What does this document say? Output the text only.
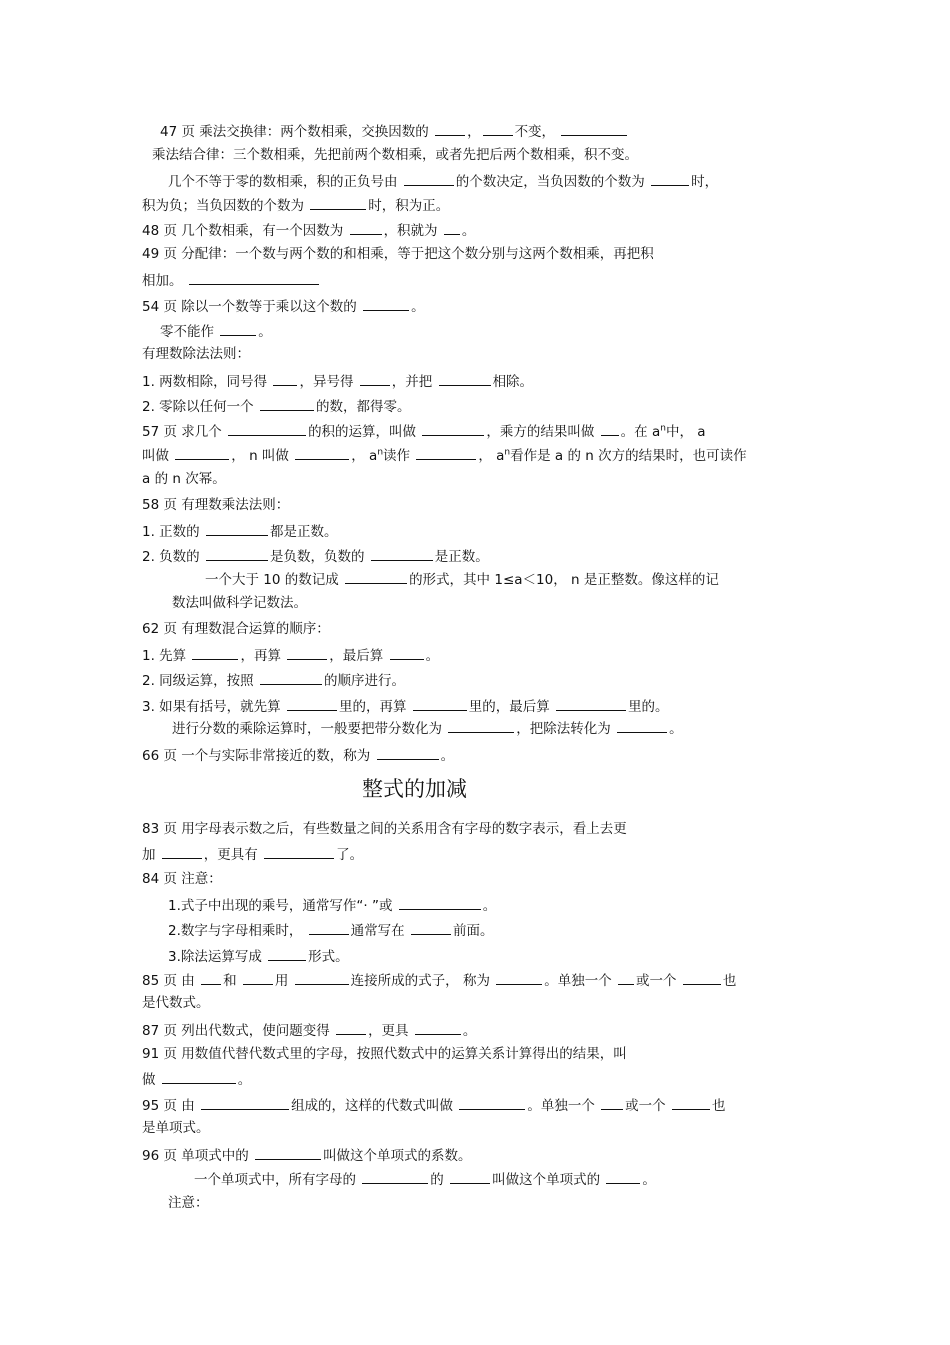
47 页 乘法交换律：两个数相乘，交换因数的	，	不变，
乘法结合律：三个数相乘，先把前两个数相乘，或者先把后两个数相乘，积不变。
几个不等于零的数相乘，积的正负号由	的个数决定，当负因数的个数为	时，
积为负；当负因数的个数为	时，积为正。
48 页 几个数相乘，有一个因数为	，积就为 。
49 页 分配律：一个数与两个数的和相乘，等于把这个数分别与这两个数相乘，再把积
相加。
54 页 除以一个数等于乘以这个数的	。
零不能作	。
有理数除法法则：
1. 两数相除，同号得 ，异号得	，并把	相除。
2. 零除以任何一个	的数，都得零。
57 页 求几个	的积的运算，叫做	，乘方的结果叫做 。在 $a^n$中， a
叫做	， n 叫做	， $a^n$读作	， $a^n$看作是 a 的 n 次方的结果时，也可读作
a 的 n 次幂。
58 页 有理数乘法法则：
1. 正数的	都是正数。
2. 负数的	是负数，负数的	是正数。
一个大于 10 的数记成	的形式，其中 1≤a＜10， n 是正整数。像这样的记
数法叫做科学记数法。
62 页 有理数混合运算的顺序：
1. 先算	，再算	，最后算	。
2. 同级运算，按照	的顺序进行。
3. 如果有括号，就先算	里的，再算	里的，最后算	里的。
进行分数的乘除运算时，一般要把带分数化为	，把除法转化为	。
66 页 一个与实际非常接近的数，称为	。
整式的加减
83 页 用字母表示数之后，有些数量之间的关系用含有字母的数字表示，看上去更
加	，更具有	了。
84 页 注意：
1.式子中出现的乘号，通常写作“· ”或	。
2.数字与字母相乘时，	通常写在	前面。
3.除法运算写成	形式。
85 页 由 和	用	连接所成的式子， 称为	。单独一个 或一个	也
是代数式。
87 页 列出代数式，使问题变得	，更具	。
91 页 用数值代替代数式里的字母，按照代数式中的运算关系计算得出的结果，叫
做	。
95 页 由	组成的，这样的代数式叫做	。单独一个 或一个	也
是单项式。
96 页 单项式中的	叫做这个单项式的系数。
一个单项式中，所有字母的	的	叫做这个单项式的	。
注意：
